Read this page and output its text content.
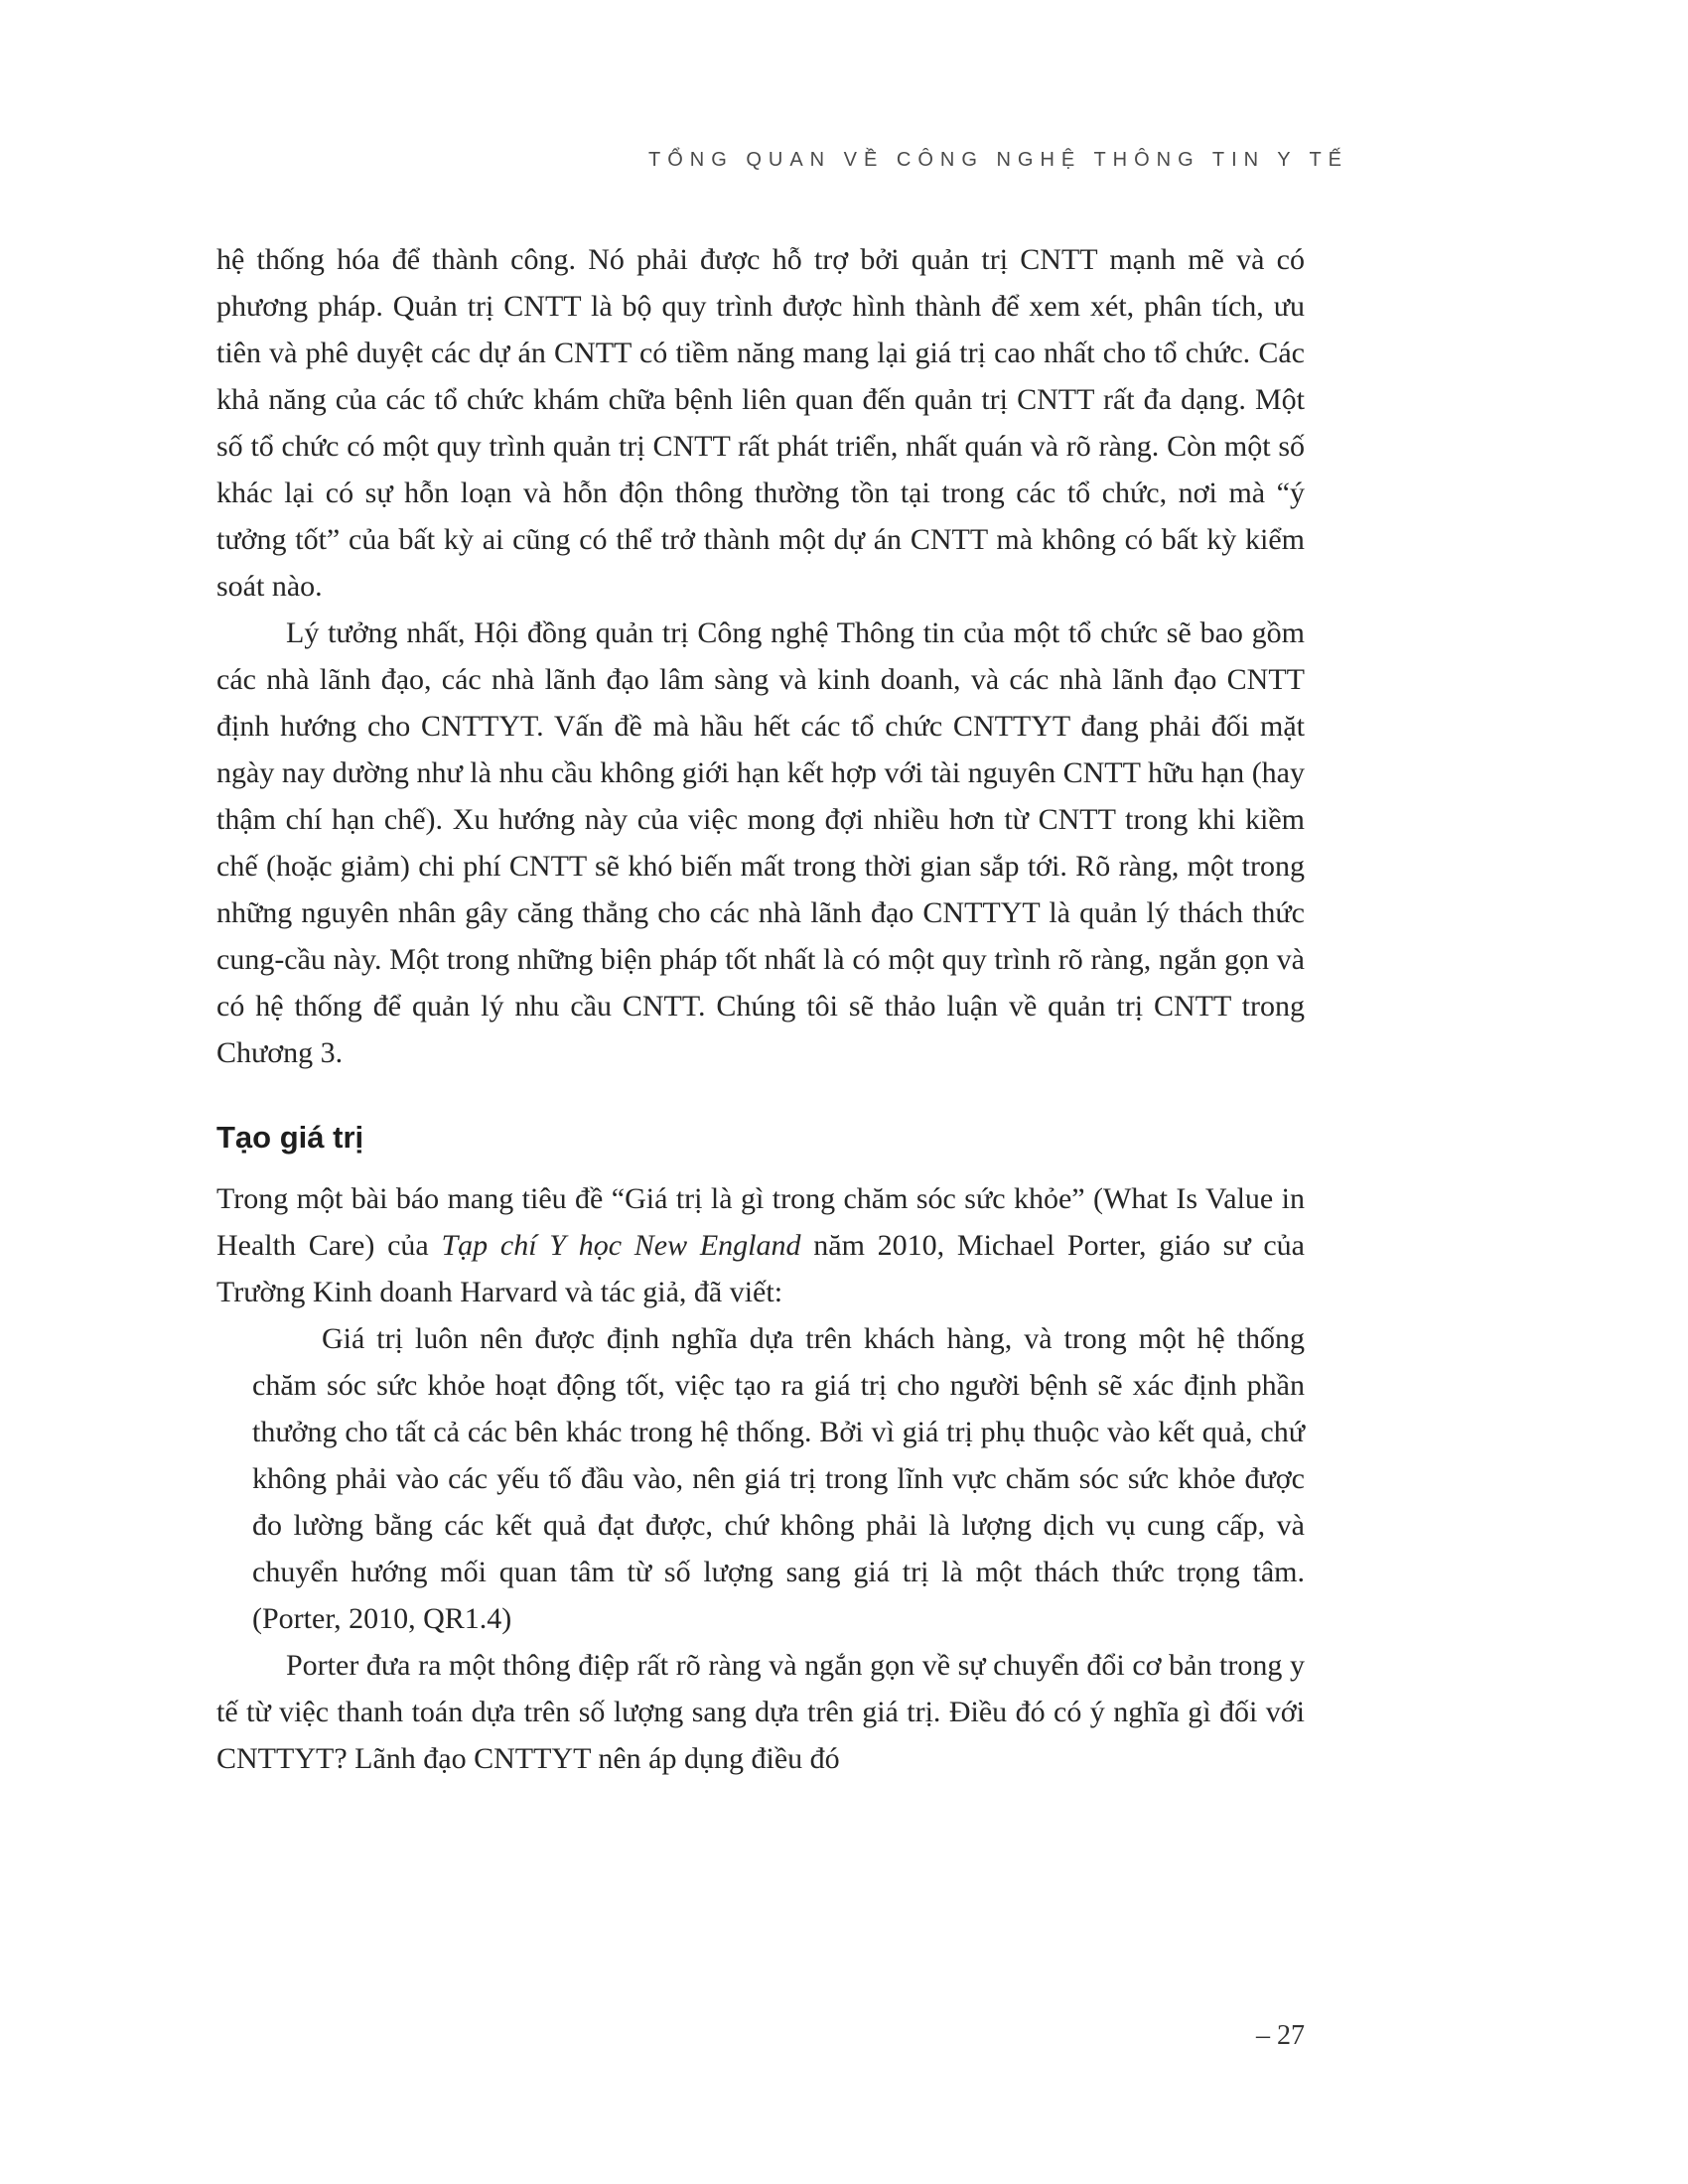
TỔNG QUAN VỀ CÔNG NGHỆ THÔNG TIN Y TẾ

hệ thống hóa để thành công. Nó phải được hỗ trợ bởi quản trị CNTT mạnh mẽ và có phương pháp. Quản trị CNTT là bộ quy trình được hình thành để xem xét, phân tích, ưu tiên và phê duyệt các dự án CNTT có tiềm năng mang lại giá trị cao nhất cho tổ chức. Các khả năng của các tổ chức khám chữa bệnh liên quan đến quản trị CNTT rất đa dạng. Một số tổ chức có một quy trình quản trị CNTT rất phát triển, nhất quán và rõ ràng. Còn một số khác lại có sự hỗn loạn và hỗn độn thông thường tồn tại trong các tổ chức, nơi mà “ý tưởng tốt” của bất kỳ ai cũng có thể trở thành một dự án CNTT mà không có bất kỳ kiểm soát nào.

Lý tưởng nhất, Hội đồng quản trị Công nghệ Thông tin của một tổ chức sẽ bao gồm các nhà lãnh đạo, các nhà lãnh đạo lâm sàng và kinh doanh, và các nhà lãnh đạo CNTT định hướng cho CNTTYT. Vấn đề mà hầu hết các tổ chức CNTTYT đang phải đối mặt ngày nay dường như là nhu cầu không giới hạn kết hợp với tài nguyên CNTT hữu hạn (hay thậm chí hạn chế). Xu hướng này của việc mong đợi nhiều hơn từ CNTT trong khi kiềm chế (hoặc giảm) chi phí CNTT sẽ khó biến mất trong thời gian sắp tới. Rõ ràng, một trong những nguyên nhân gây căng thẳng cho các nhà lãnh đạo CNTTYT là quản lý thách thức cung-cầu này. Một trong những biện pháp tốt nhất là có một quy trình rõ ràng, ngắn gọn và có hệ thống để quản lý nhu cầu CNTT. Chúng tôi sẽ thảo luận về quản trị CNTT trong Chương 3.

Tạo giá trị

Trong một bài báo mang tiêu đề “Giá trị là gì trong chăm sóc sức khỏe” (What Is Value in Health Care) của Tạp chí Y học New England năm 2010, Michael Porter, giáo sư của Trường Kinh doanh Harvard và tác giả, đã viết:

Giá trị luôn nên được định nghĩa dựa trên khách hàng, và trong một hệ thống chăm sóc sức khỏe hoạt động tốt, việc tạo ra giá trị cho người bệnh sẽ xác định phần thưởng cho tất cả các bên khác trong hệ thống. Bởi vì giá trị phụ thuộc vào kết quả, chứ không phải vào các yếu tố đầu vào, nên giá trị trong lĩnh vực chăm sóc sức khỏe được đo lường bằng các kết quả đạt được, chứ không phải là lượng dịch vụ cung cấp, và chuyển hướng mối quan tâm từ số lượng sang giá trị là một thách thức trọng tâm. (Porter, 2010, QR1.4)

Porter đưa ra một thông điệp rất rõ ràng và ngắn gọn về sự chuyển đổi cơ bản trong y tế từ việc thanh toán dựa trên số lượng sang dựa trên giá trị. Điều đó có ý nghĩa gì đối với CNTTYT? Lãnh đạo CNTTYT nên áp dụng điều đó

– 27
